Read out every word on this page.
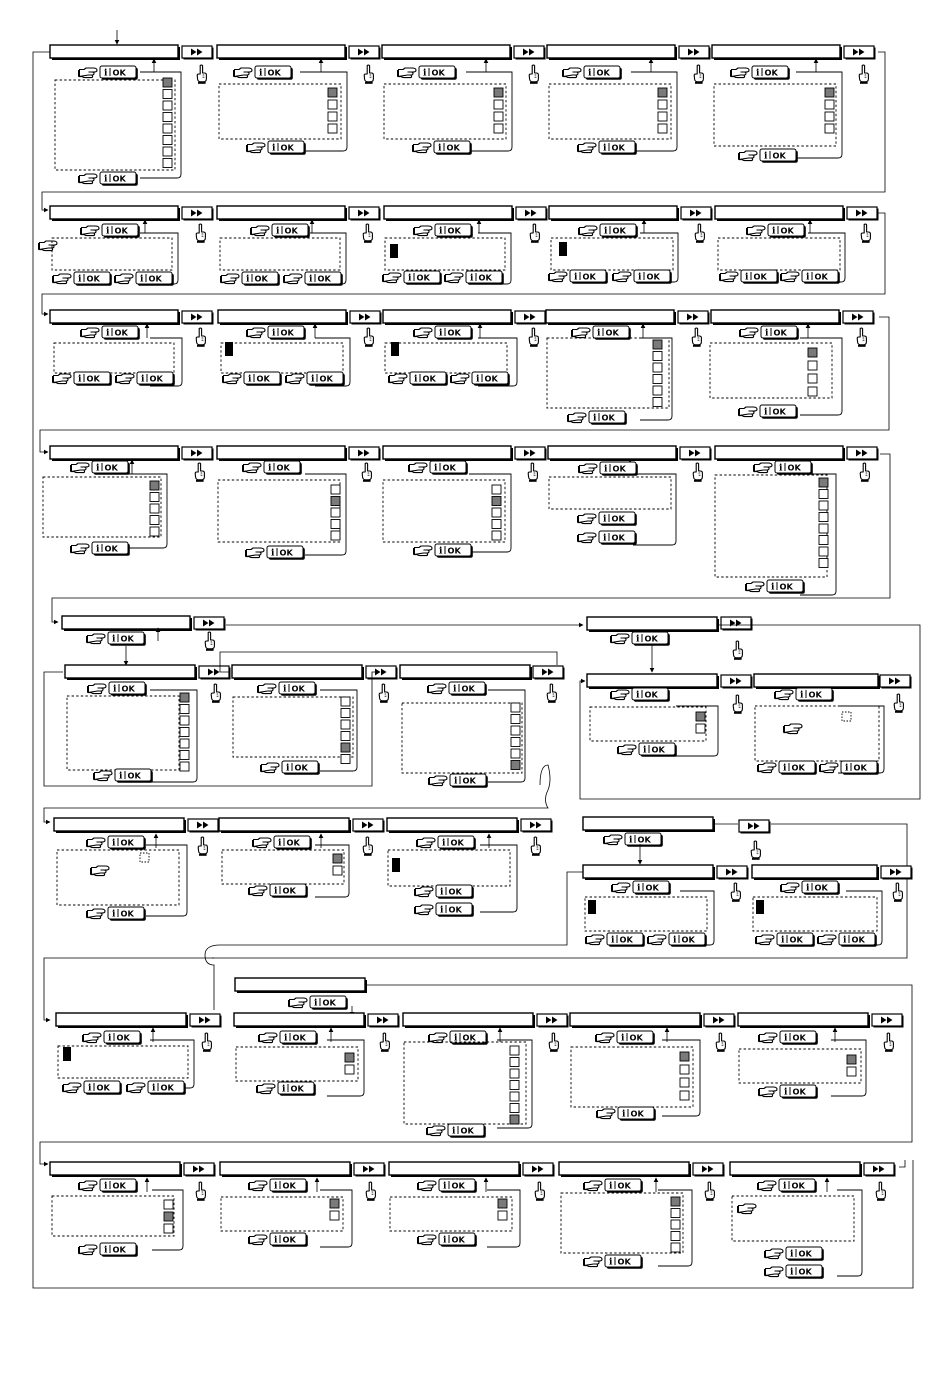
i OK
i OK
i OK
i OK
i OK
i OK
i OK
i OK
i OK
i OK
i OK
i OK	i OK
i OK
i OK	i OK
i OK
i OK	i OK
i OK
i OK	i OK
i OK
i OK	i OK
i OK
i OK	i OK
i OK
i OK	i OK
i OK
i OK	i OK
i OK
i OK
i OK
i OK
i OK
i OK
i OK
i OK
i OK
i OK
i OK
i OK
i OK
i OK
i OK
i OK
i OK
i OK
i OK
i OK
i OK
i OK
i OK
i OK
i OK
i OK
i OK	i OK
i OK
i OK
i OK
i OK
i OK
i OK
i OK
i OK
i OK
i OK	i OK
i OK
i OK	i OK
i OK
i OK
i OK	i OK
i OK
i OK
i OK
i OK
i OK
i OK
i OK
i OK
i OK
i OK
i OK
i OK
i OK
i OK
i OK
i OK
i OK
i OK
i OK
